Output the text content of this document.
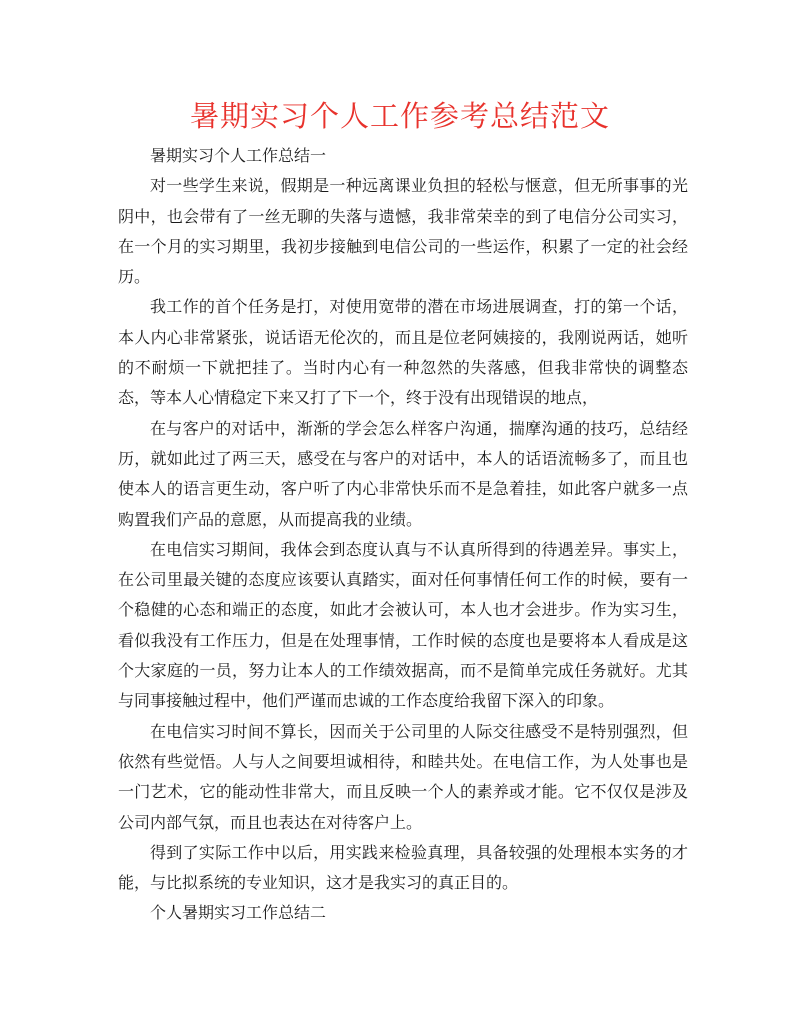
暑期实习个人工作参考总结范文

暑期实习个人工作总结一

对一些学生来说，假期是一种远离课业负担的轻松与惬意，但无所事事的光阴中，也会带有了一丝无聊的失落与遗憾，我非常荣幸的到了电信分公司实习，在一个月的实习期里，我初步接触到电信公司的一些运作，积累了一定的社会经历。

我工作的首个任务是打，对使用宽带的潜在市场进展调查，打的第一个话，本人内心非常紧张，说话语无伦次的，而且是位老阿姨接的，我刚说两话，她听的不耐烦一下就把挂了。当时内心有一种忽然的失落感，但我非常快的调整态态，等本人心情稳定下来又打了下一个，终于没有出现错误的地点，

在与客户的对话中，渐渐的学会怎么样客户沟通，揣摩沟通的技巧，总结经历，就如此过了两三天，感受在与客户的对话中，本人的话语流畅多了，而且也使本人的语言更生动，客户听了内心非常快乐而不是急着挂，如此客户就多一点购置我们产品的意愿，从而提高我的业绩。

在电信实习期间，我体会到态度认真与不认真所得到的待遇差异。事实上，在公司里最关键的态度应该要认真踏实，面对任何事情任何工作的时候，要有一个稳健的心态和端正的态度，如此才会被认可，本人也才会进步。作为实习生，看似我没有工作压力，但是在处理事情，工作时候的态度也是要将本人看成是这个大家庭的一员，努力让本人的工作绩效据高，而不是简单完成任务就好。尤其与同事接触过程中，他们严谨而忠诚的工作态度给我留下深入的印象。

在电信实习时间不算长，因而关于公司里的人际交往感受不是特别强烈，但依然有些觉悟。人与人之间要坦诚相待，和睦共处。在电信工作，为人处事也是一门艺术，它的能动性非常大，而且反映一个人的素养或才能。它不仅仅是涉及公司内部气氛，而且也表达在对待客户上。

得到了实际工作中以后，用实践来检验真理，具备较强的处理根本实务的才能，与比拟系统的专业知识，这才是我实习的真正目的。

个人暑期实习工作总结二
